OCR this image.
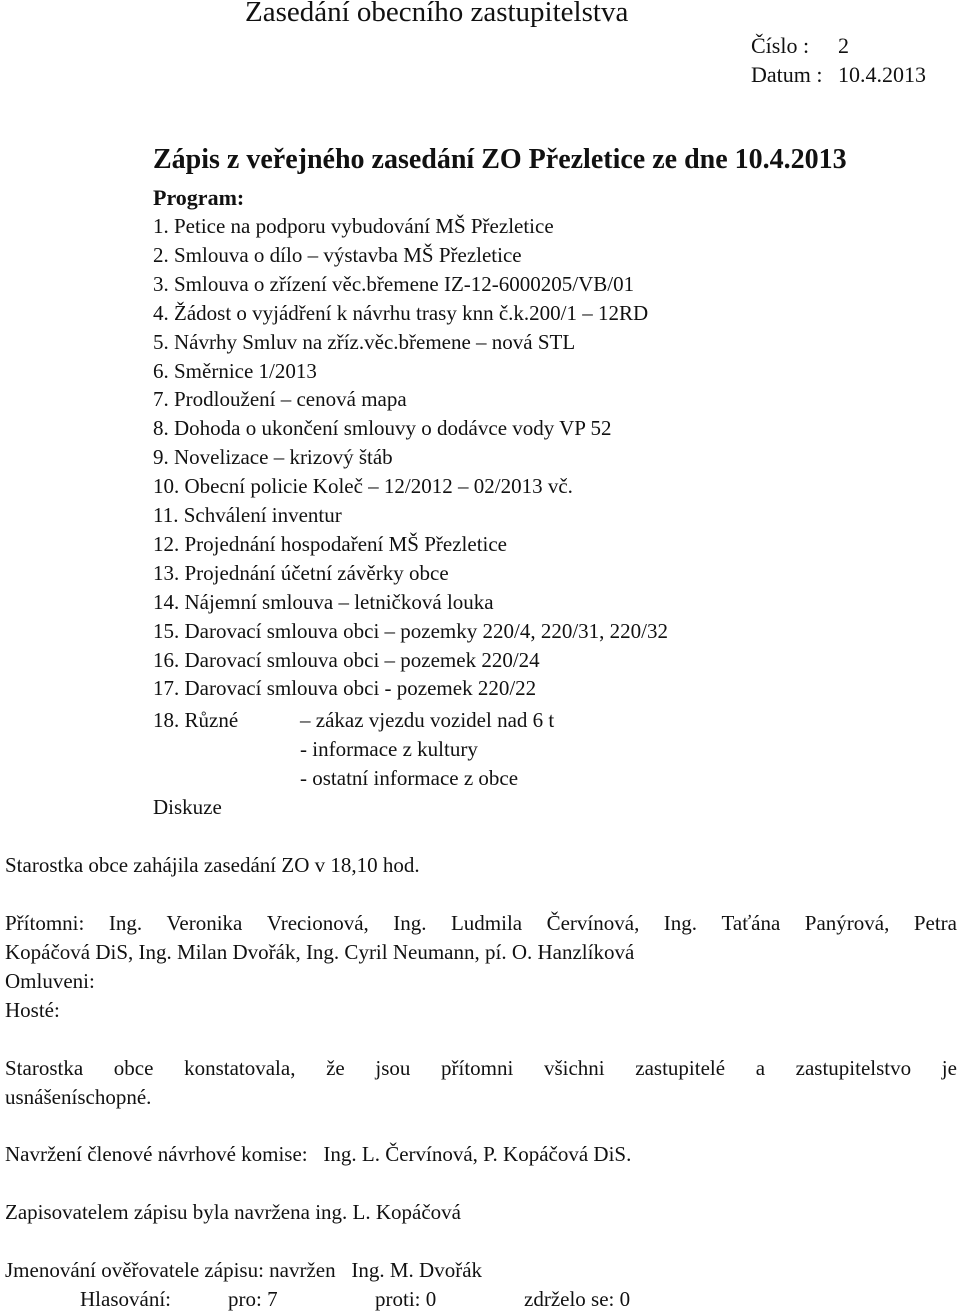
Zasedání obecního zastupitelstva
Číslo : 2
Datum : 10.4.2013
Zápis z veřejného zasedání ZO Přezletice ze dne 10.4.2013
Program:
1. Petice na podporu vybudování MŠ Přezletice
2. Smlouva o dílo – výstavba MŠ Přezletice
3. Smlouva o zřízení věc.břemene IZ-12-6000205/VB/01
4. Žádost o vyjádření k návrhu trasy knn č.k.200/1 – 12RD
5. Návrhy Smluv na zříz.věc.břemene – nová STL
6. Směrnice 1/2013
7. Prodloužení – cenová mapa
8. Dohoda o ukončení smlouvy o dodávce vody VP 52
9. Novelizace – krizový štáb
10. Obecní policie Koleč – 12/2012 – 02/2013 vč.
11. Schválení inventur
12. Projednání hospodaření MŠ Přezletice
13. Projednání účetní závěrky obce
14. Nájemní smlouva – letničková louka
15. Darovací smlouva obci – pozemky 220/4, 220/31, 220/32
16. Darovací smlouva obci – pozemek 220/24
17. Darovací smlouva obci - pozemek 220/22
18. Různé	– zákaz vjezdu vozidel nad 6 t
- informace z kultury
- ostatní informace z obce
Diskuze
Starostka obce zahájila zasedání ZO v 18,10 hod.
Přítomni: Ing. Veronika Vrecionová, Ing. Ludmila Červínová, Ing. Taťána Panýrová, Petra
Kopáčová DiS, Ing. Milan Dvořák, Ing. Cyril Neumann, pí. O. Hanzlíková
Omluveni:
Hosté:
Starostka obce konstatovala, že jsou přítomni všichni zastupitelé a zastupitelstvo je
usnášeníschopné.
Navržení členové návrhové komise:   Ing. L. Červínová, P. Kopáčová DiS.
Zapisovatelem zápisu byla navržena ing. L. Kopáčová
Jmenování ověřovatele zápisu: navržen   Ing. M. Dvořák
Hlasování:	pro: 7	proti: 0	zdrželo se: 0
